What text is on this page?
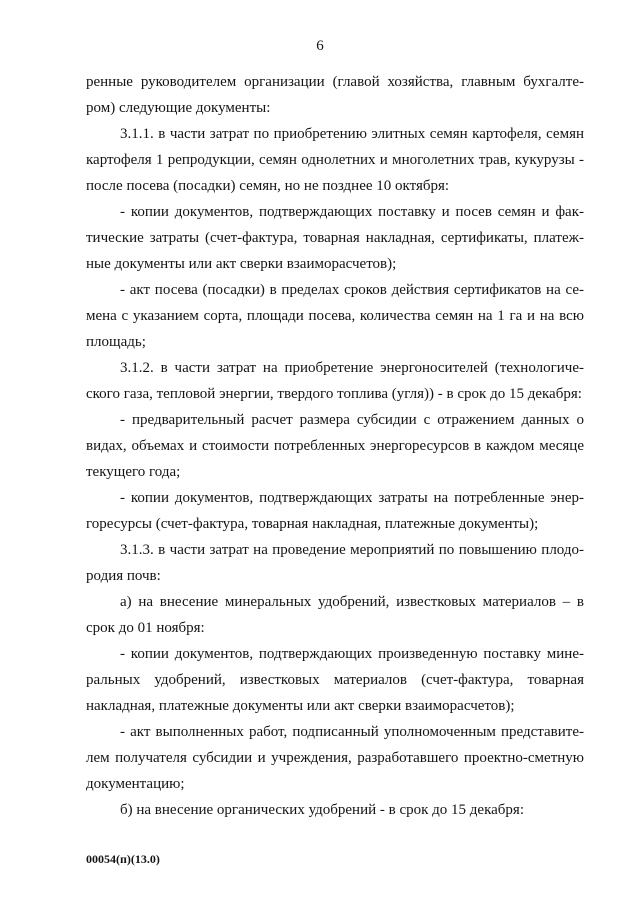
6
ренные руководителем организации (главой хозяйства, главным бухгалте-
ром) следующие документы:
3.1.1. в части затрат по приобретению элитных семян картофеля, семян
картофеля 1 репродукции, семян однолетних и многолетних трав, кукурузы -
после посева (посадки) семян, но не позднее 10 октября:
- копии документов, подтверждающих поставку и посев семян и фак-
тические затраты (счет-фактура, товарная накладная, сертификаты, платеж-
ные документы или акт сверки взаиморасчетов);
- акт посева (посадки) в пределах сроков действия сертификатов на се-
мена с указанием сорта, площади посева, количества семян на 1 га и на всю
площадь;
3.1.2. в части затрат на приобретение энергоносителей (технологиче-
ского газа, тепловой энергии, твердого топлива (угля)) - в срок до 15 декабря:
- предварительный расчет размера субсидии с отражением данных о
видах, объемах и стоимости потребленных энергоресурсов в каждом месяце
текущего года;
- копии документов, подтверждающих затраты на потребленные энер-
горесурсы (счет-фактура, товарная накладная, платежные документы);
3.1.3. в части затрат на проведение мероприятий по повышению плодо-
родия почв:
а) на внесение минеральных удобрений, известковых материалов – в
срок до 01 ноября:
- копии документов, подтверждающих произведенную поставку мине-
ральных удобрений, известковых материалов (счет-фактура, товарная
накладная, платежные документы или акт сверки взаиморасчетов);
- акт выполненных работ, подписанный уполномоченным представите-
лем получателя субсидии и учреждения, разработавшего проектно-сметную
документацию;
б) на внесение органических удобрений - в срок до 15 декабря:
00054(п)(13.0)
